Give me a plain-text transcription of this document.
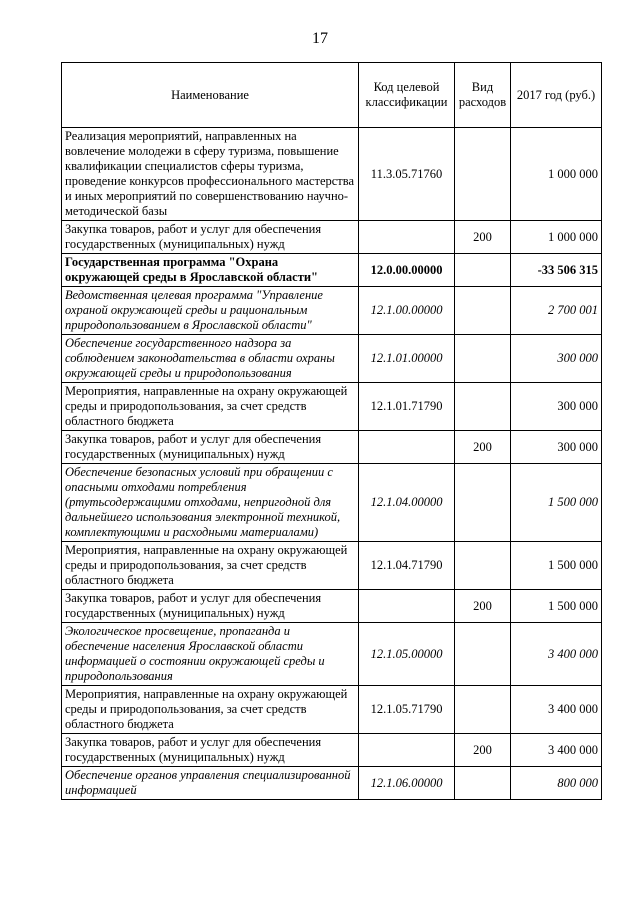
17
Наименование	Код целевой классификации	Вид расходов	2017 год (руб.)
Реализация мероприятий, направленных на вовлечение молодежи в сферу туризма, повышение квалификации специалистов сферы туризма, проведение конкурсов профессионального мастерства и иных мероприятий по совершенствованию научно-методической базы	11.3.05.71760		1 000 000
Закупка товаров, работ и услуг для обеспечения государственных (муниципальных) нужд		200	1 000 000
Государственная программа "Охрана окружающей среды в Ярославской области"	12.0.00.00000		-33 506 315
Ведомственная целевая программа "Управление охраной окружающей среды и рациональным природопользованием в Ярославской области"	12.1.00.00000		2 700 001
Обеспечение государственного надзора за соблюдением законодательства в области охраны окружающей среды и природопользования	12.1.01.00000		300 000
Мероприятия, направленные на охрану окружающей среды и природопользования, за счет средств областного бюджета	12.1.01.71790		300 000
Закупка товаров, работ и услуг для обеспечения государственных (муниципальных) нужд		200	300 000
Обеспечение безопасных условий при обращении с опасными отходами потребления (ртутьсодержащими отходами, непригодной для дальнейшего использования электронной техникой, комплектующими и расходными материалами)	12.1.04.00000		1 500 000
Мероприятия, направленные на охрану окружающей среды и природопользования, за счет средств областного бюджета	12.1.04.71790		1 500 000
Закупка товаров, работ и услуг для обеспечения государственных (муниципальных) нужд		200	1 500 000
Экологическое просвещение, пропаганда и обеспечение населения Ярославской области информацией о состоянии окружающей среды и природопользования	12.1.05.00000		3 400 000
Мероприятия, направленные на охрану окружающей среды и природопользования, за счет средств областного бюджета	12.1.05.71790		3 400 000
Закупка товаров, работ и услуг для обеспечения государственных (муниципальных) нужд		200	3 400 000
Обеспечение органов управления специализированной информацией	12.1.06.00000		800 000
